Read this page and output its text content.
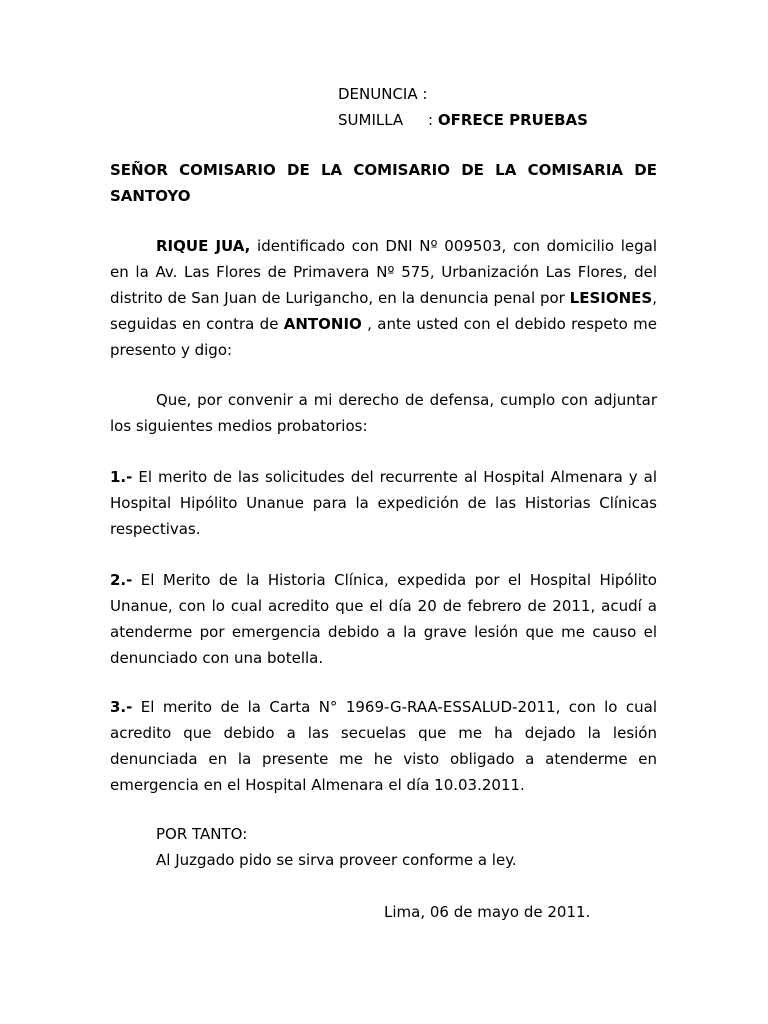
DENUNCIA :
SUMILLA : OFRECE PRUEBAS

SEÑOR COMISARIO DE LA COMISARIO DE LA COMISARIA DE SANTOYO

RIQUE JUA, identificado con DNI Nº 009503, con domicilio legal en la Av. Las Flores de Primavera Nº 575, Urbanización Las Flores, del distrito de San Juan de Lurigancho, en la denuncia penal por LESIONES, seguidas en contra de ANTONIO , ante usted con el debido respeto me presento y digo:

Que, por convenir a mi derecho de defensa, cumplo con adjuntar los siguientes medios probatorios:

1.- El merito de las solicitudes del recurrente al Hospital Almenara y al Hospital Hipólito Unanue para la expedición de las Historias Clínicas respectivas.

2.- El Merito de la Historia Clínica, expedida por el Hospital Hipólito Unanue, con lo cual acredito que el día 20 de febrero de 2011, acudí a atenderme por emergencia debido a la grave lesión que me causo el denunciado con una botella.

3.- El merito de la Carta N° 1969-G-RAA-ESSALUD-2011, con lo cual acredito que debido a las secuelas que me ha dejado la lesión denunciada en la presente me he visto obligado a atenderme en emergencia en el Hospital Almenara el día 10.03.2011.

POR TANTO:
Al Juzgado pido se sirva proveer conforme a ley.
Lima, 06 de mayo de 2011.
